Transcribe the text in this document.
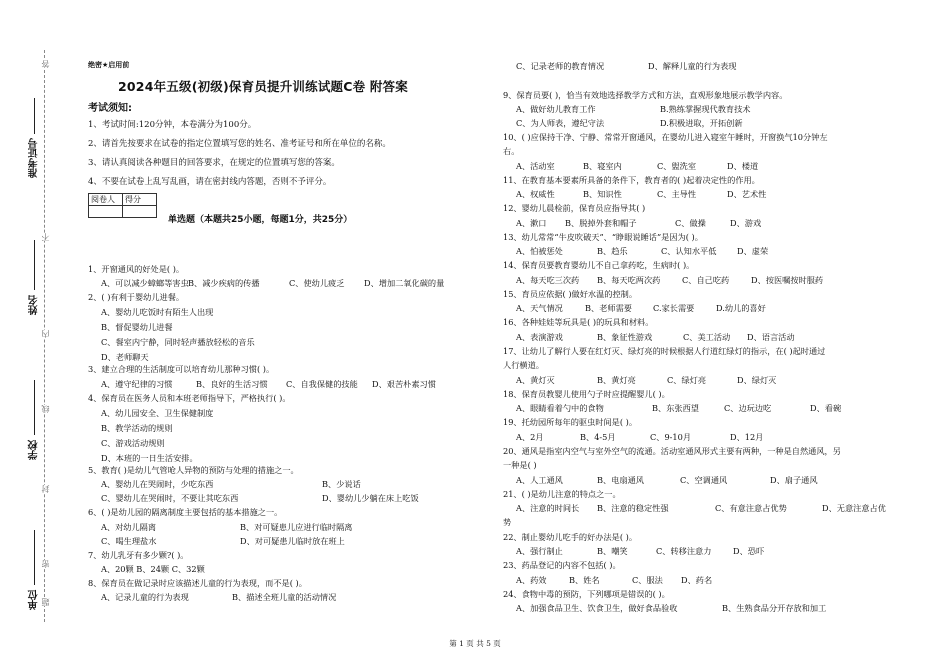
准考证号
姓名
学校
单位
答
不
内
线
封
密
题
绝密★启用前
2024年五级(初级)保育员提升训练试题C卷 附答案
考试须知:
1、考试时间:120分钟，本卷满分为100分。
2、请首先按要求在试卷的指定位置填写您的姓名、准考证号和所在单位的名称。
3、请认真阅读各种题目的回答要求，在规定的位置填写您的答案。
4、不要在试卷上乱写乱画，请在密封线内答题，否则不予评分。
阅卷人	得分

单选题（本题共25小题，每题1分，共25分）
1、开窗通风的好处是( )。
A、可以减少蟑螂等害虫 B、减少疾病的传播	C、使幼儿疲乏 D、增加二氧化碳的量
2、( )有利于婴幼儿进餐。
A、婴幼儿吃饭时有陌生人出现
B、督促婴幼儿进餐
C、餐室内宁静，同时轻声播放轻松的音乐
D、老师聊天
3、建立合理的生活制度可以培育幼儿那种习惯( )。
A、遵守纪律的习惯	B、良好的生活习惯 C、自我保健的技能 D、艰苦朴素习惯
4、保育员在医务人员和本班老师指导下，严格执行( )。
A、幼儿园安全、卫生保健制度
B、教学活动的规则
C、游戏活动规则
D、本班的一日生活安排。
5、教育( )是幼儿气管呛人异物的预防与处理的措施之一。
A、婴幼儿在哭闹时，少吃东西	B、少说话
C、婴幼儿在哭闹时，不要让其吃东西	D、婴幼儿少躺在床上吃饭
6、( )是幼儿园的隔离制度主要包括的基本措施之一。
A、对幼儿隔离	B、对可疑患儿应进行临时隔离
C、喝生理盐水	D、对可疑患儿临时放在班上
7、幼儿乳牙有多少颗?( )。
A、20颗 B、24颗 C、32颗
8、保育员在做记录时应该描述儿童的行为表现，而不是( )。
A、记录儿童的行为表现	B、描述全班儿童的活动情况
C、记录老师的教育情况	D、解释儿童的行为表现
9、保育员要( )，恰当有效地选择教学方式和方法，直观形象地展示教学内容。
A、做好幼儿教育工作	B.熟练掌握现代教育技术
C、为人师表，遵纪守法	D.积极进取，开拓创新
10、( )应保持干净、宁静、常常开窗通风，在婴幼儿进入寝室午睡时，开窗换气10分钟左
右。
A、活动室	B、寝室内	C、盥洗室	D、楼道
11、在教育基本要素所具备的条件下，教育者的( )起着决定性的作用。
A、权威性	B、知识性	C、主导性	D、艺术性
12、婴幼儿晨检前，保育员应指导其( )
A、漱口 B、脱掉外套和帽子	C、做操	D、游戏
13、幼儿常常“牛皮吹破天”、“睁眼说睡话”是因为( )。
A、怕被惩处	B、趋乐	C、认知水平低	D、虚荣
14、保育员要教育婴幼儿不自己拿药吃，生病时( )。
A、每天吃三次药 B、每天吃两次药	C、自己吃药	D、按医嘱按时服药
15、育员应依据( )做好水温的控制。
A、天气情况	B、老师需要	C.家长需要	D.幼儿的喜好
16、各种娃娃等玩具是( )的玩具和材料。
A、表演游戏	B、象征性游戏	C、美工活动 D、语言活动
17、让幼儿了解行人要在红灯灭、绿灯亮的时候根据人行道红绿灯的指示，在( )起时通过
人行横道。
A、黄灯灭	B、黄灯亮	C、绿灯亮	D、绿灯灭
18、保育员教婴儿使用勺子时应提醒婴儿( )。
A、眼睛看着勺中的食物	B、东张西望	C、边玩边吃	D、看碗
19、托幼园所每年的驱虫时间是( )。
A、2月	B、4-5月	C、9-10月	D、12月
20、通风是指室内空气与室外空气的流通。活动室通风形式主要有两种，一种是自然通风，另
一种是( )
A、人工通风	B、电扇通风	C、空调通风	D、扇子通风
21、( )是幼儿注意的特点之一。
A、注意的时间长 B、注意的稳定性强	C、有意注意占优势	D、无意注意占优
势
22、制止婴幼儿吃手的好办法是( )。
A、强行制止	B、嘲笑	C、转移注意力	D、恐吓
23、药品登记的内容不包括( )。
A、药效	B、姓名	C、服法 D、药名
24、食物中毒的预防，下列哪项是错误的( )。
A、加强食品卫生、饮食卫生，做好食品验收	B、生熟食品分开存放和加工
第 1 页 共 5 页
